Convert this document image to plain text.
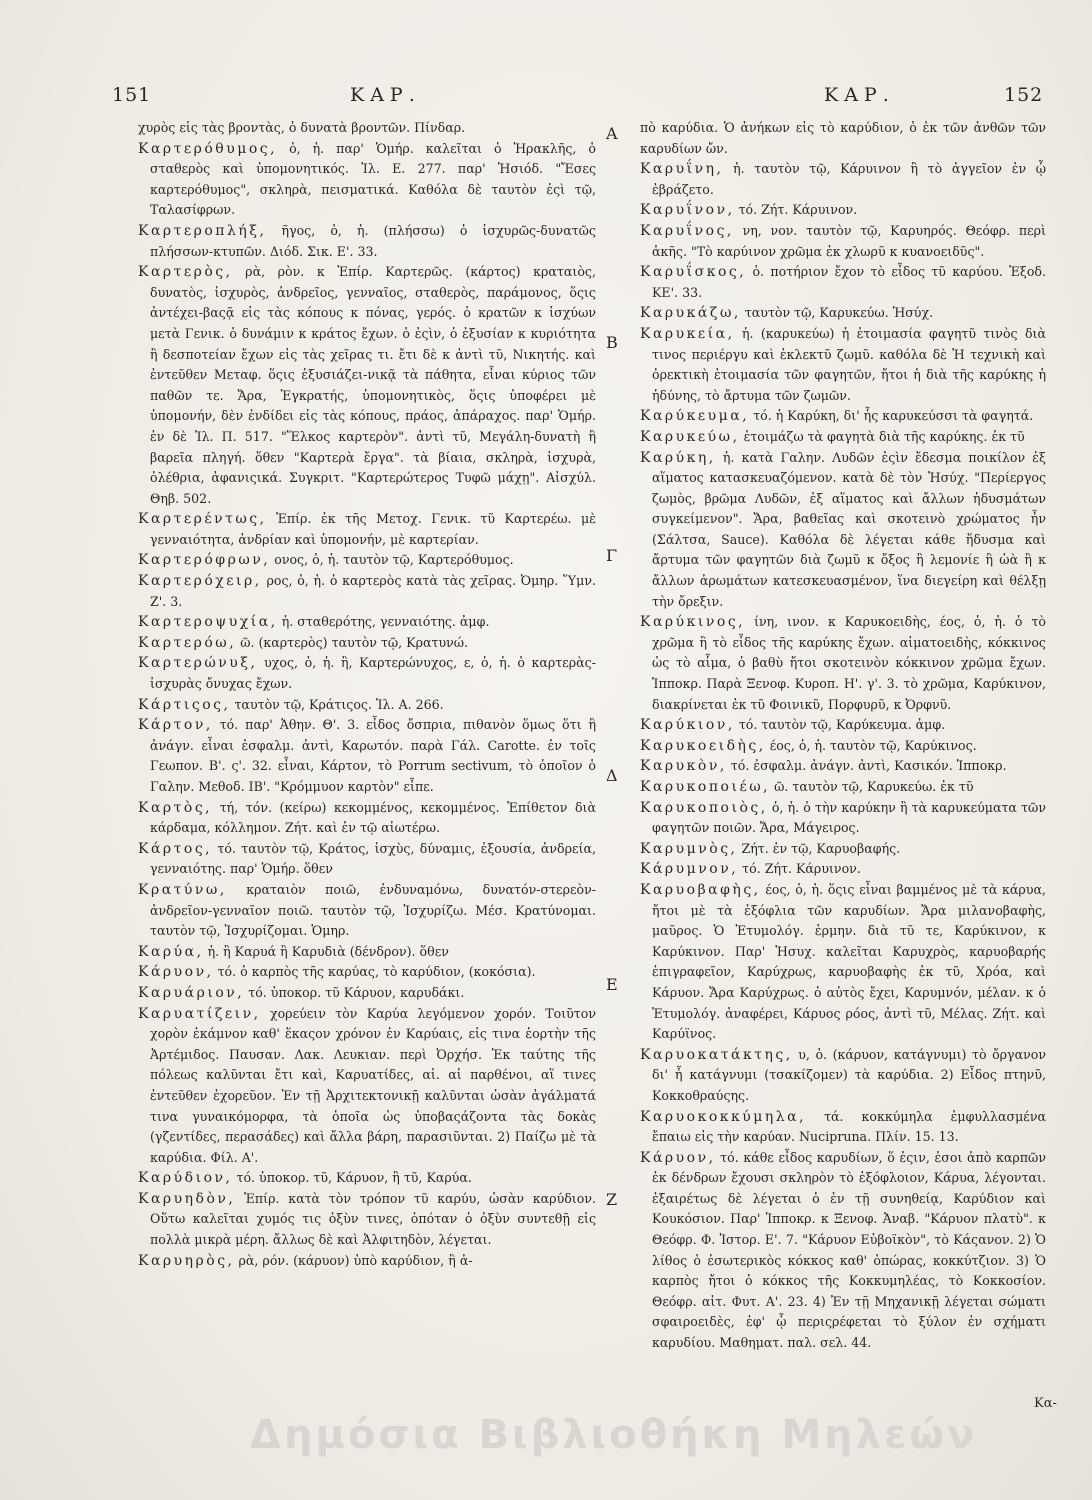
151	ΚΑΡ.	ΚΑΡ.	152

χυρὸς εἰς τὰς βροντὰς, ὁ δυνατὰ βροντῶν. Πίνδαρ.

Καρτερόθυμος, ὁ, ἡ. παρ' Ὁμήρ. καλεῖται ὁ Ἡρακλῆς, ὁ σταθερὸς καὶ ὑπομονητικός. Ἰλ. Ε. 277. παρ' Ἡσιόδ. "Ἔσες καρτερόθυμος", σκληρὰ, πεισματικά. Καθόλα δὲ ταυτὸν ἐςὶ τῷ, Ταλασίφρων.

Καρτεροπλήξ, ῆγος, ὁ, ἡ. (πλήσσω) ὁ ἰσχυρῶς-δυνατῶς πλήσσων-κτυπῶν. Διόδ. Σικ. Ε'. 33.

Καρτερὸς, ρὰ, ρὸν. κ Ἐπίρ. Καρτερῶς. (κάρτος) κραταιὸς, δυνατὸς, ἰσχυρὸς, ἀνδρεῖος, γενναῖος, σταθερὸς, παράμονος, ὅςις ἀντέχει-βαςᾷ εἰς τὰς κόπους κ πόνας, γερός. ὁ κρατῶν κ ἰσχύων μετὰ Γενικ. ὁ δυνάμιν κ κράτος ἔχων. ὁ ἐςὶν, ὁ ἐξυσίαν κ κυριότητα ἢ δεσποτείαν ἔχων εἰς τὰς χεῖρας τι. ἔτι δὲ κ ἀντὶ τῦ, Νικητής. καὶ ἐντεῦθεν Μεταφ. ὅςις ἐξυσιάζει-νικᾷ τὰ πάθητα, εἶναι κύριος τῶν παθῶν τε. Ἄρα, Ἐγκρατής, ὑπομονητικὸς, ὅςις ὑποφέρει μὲ ὑπομονήν, δὲν ἐνδίδει εἰς τὰς κόπους, πράος, ἀπάραχος. παρ' Ὁμήρ. ἐν δὲ Ἰλ. Π. 517. "Ἕλκος καρτερὸν". ἀντὶ τῦ, Μεγάλη-δυνατὴ ἢ βαρεῖα πληγή. ὅθεν "Καρτερὰ ἔργα". τὰ βίαια, σκληρὰ, ἰσχυρὰ, ὀλέθρια, ἀφανιςικά. Συγκριτ. "Καρτερώτερος Τυφῶ μάχῃ". Αἰσχύλ. Θηβ. 502.

Καρτερέντως, Ἐπίρ. ἐκ τῆς Μετοχ. Γενικ. τῦ Καρτερέω. μὲ γενναιότητα, ἀνδρίαν καὶ ὑπομονήν, μὲ καρτερίαν.

Καρτερόφρων, ονος, ὁ, ἡ. ταυτὸν τῷ, Καρτερόθυμος.

Καρτερόχειρ, ρος, ὁ, ἡ. ὁ καρτερὸς κατὰ τὰς χεῖρας. Ὀμηρ. Ὕμν. Ζ'. 3.

Καρτεροψυχία, ἡ. σταθερότης, γενναιότης. ἀμφ.

Καρτερόω, ῶ. (καρτερὸς) ταυτὸν τῷ, Κρατυνώ.

Καρτερώνυξ, υχος, ὁ, ἡ. ἢ, Καρτερώνυχος, ε, ὁ, ἡ. ὁ καρτερὰς-ἰσχυρὰς ὄνυχας ἔχων.

Κάρτιςος, ταυτὸν τῷ, Κράτιςος. Ἰλ. Α. 266.

Κάρτον, τό. παρ' Ἀθην. Θ'. 3. εἶδος ὄσπρια, πιθανὸν ὅμως ὅτι ἢ ἀνάγν. εἶναι ἐσφαλμ. ἀντὶ, Καρωτόν. παρὰ Γάλ. Carotte. ἐν τοῖς Γεωπον. Β'. ς'. 32. εἶναι, Κάρτον, τὸ Porrum sectivum, τὸ ὁποῖον ὁ Γαλην. Μεθοδ. ΙΒ'. "Κρόμμυον καρτὸν" εἶπε.

Καρτὸς, τή, τόν. (κείρω) κεκομμένος, κεκομμένος. Ἐπίθετον διὰ κάρδαμα, κόλλημον. Ζήτ. καὶ ἐν τῷ αἰωτέρω.

Κάρτος, τό. ταυτὸν τῷ, Κράτος, ἰσχὺς, δύναμις, ἐξουσία, ἀνδρεία, γενναιότης. παρ' Ὁμήρ. ὅθεν

Κρατύνω, κραταιὸν ποιῶ, ἐνδυναμόνω, δυνατόν-στερεὸν-ἀνδρεῖον-γενναῖον ποιῶ. ταυτὸν τῷ, Ἰσχυρίζω. Μέσ. Κρατύνομαι. ταυτὸν τῷ, Ἰσχυρίζομαι. Ὁμηρ.

Καρύα, ἡ. ἢ Καρυά ἢ Καρυδιὰ (δένδρον). ὅθεν

Κάρυον, τό. ὁ καρπὸς τῆς καρύας, τὸ καρύδιον, (κοκόσια).

Καρυάριον, τό. ὑποκορ. τῦ Κάρυον, καρυδάκι.

Καρυατίζειν, χορεύειν τὸν Καρύα λεγόμενον χορόν. Τοιῦτον χορὸν ἐκάμνον καθ' ἕκαςον χρόνον ἐν Καρύαις, εἰς τινα ἑορτὴν τῆς Ἀρτέμιδος. Παυσαν. Λακ. Λευκιαν. περὶ Ὀρχήσ. Ἐκ ταύτης τῆς πόλεως καλῦνται ἔτι καὶ, Καρυατίδες, αἱ. αἱ παρθένοι, αἵ τινες ἐντεῦθεν ἐχορεῦον. Ἐν τῇ Ἀρχιτεκτονικῇ καλῦνται ὡσὰν ἀγάλματά τινα γυναικόμορφα, τὰ ὁποῖα ὡς ὑποβαςάζοντα τὰς δοκὰς (γζεντίδες, περασάδες) καὶ ἄλλα βάρη, παρασιῦνται. 2) Παίζω μὲ τὰ καρύδια. Φίλ. Α'.

Καρύδιον, τό. ὑποκορ. τῦ, Κάρυον, ἢ τῦ, Καρύα.

Καρυηδὸν, Ἐπίρ. κατὰ τὸν τρόπον τῦ καρύυ, ὡσὰν καρύδιον. Οὕτω καλεῖται χυμός τις ὀξὺν τινες, ὁπόταν ὁ ὀξὺν συντεθῇ εἰς πολλὰ μικρὰ μέρη. ἄλλως δὲ καὶ Ἀλφιτηδὸν, λέγεται.

Καρυηρὸς, ρὰ, ρόν. (κάρυον) ὑπὸ καρύδιον, ἢ ἀ-

Α
Β
Γ
Δ
Ε
Ζ

πὸ καρύδια. Ὁ ἀνήκων εἰς τὸ καρύδιον, ὁ ἐκ τῶν ἀνθῶν τῶν καρυδίων ὤν.

Καρυΐνη, ἡ. ταυτὸν τῷ, Κάρυινον ἢ τὸ ἀγγεῖον ἐν ᾧ ἐβράζετο.

Καρυΐνον, τό. Ζήτ. Κάρυινον.

Καρυΐνος, νη, νον. ταυτὸν τῷ, Καρυηρός. Θεόφρ. περὶ ἀκῆς. "Τὸ καρύινον χρῶμα ἐκ χλωρῦ κ κυανοειδῦς".

Καρυΐσκος, ὁ. ποτήριον ἔχον τὸ εἶδος τῦ καρύου. Ἐξοδ. ΚΕ'. 33.

Καρυκάζω, ταυτὸν τῷ, Καρυκεύω. Ἡσύχ.

Καρυκεία, ἡ. (καρυκεύω) ἡ ἑτοιμασία φαγητῦ τινὸς διὰ τινος περιέργυ καὶ ἐκλεκτῦ ζωμῦ. καθόλα δὲ Ἡ τεχνικὴ καὶ ὀρεκτικὴ ἑτοιμασία τῶν φαγητῶν, ἤτοι ἡ διὰ τῆς καρύκης ἡ ἡδύνης, τὸ ἄρτυμα τῶν ζωμῶν.

Καρύκευμα, τό. ἡ Καρύκη, δι' ἧς καρυκεύσσι τὰ φαγητά.

Καρυκεύω, ἑτοιμάζω τὰ φαγητὰ διὰ τῆς καρύκης. ἐκ τῦ

Καρύκη, ἡ. κατὰ Γαλην. Λυδῶν ἐςὶν ἔδεσμα ποικίλον ἐξ αἵματος κατασκευαζόμενον. κατὰ δὲ τὸν Ἡσύχ. "Περίεργος ζωμὸς, βρῶμα Λυδῶν, ἐξ αἵματος καὶ ἄλλων ἡδυσμάτων συγκείμενον". Ἄρα, βαθεῖας καὶ σκοτεινὸ χρώματος ἦν (Σάλτσα, Sauce). Καθόλα δὲ λέγεται κάθε ἥδυσμα καὶ ἄρτυμα τῶν φαγητῶν διὰ ζωμῦ κ ὄξος ἢ λεμονίε ἢ ὠὰ ἢ κ ἄλλων ἀρωμάτων κατεσκευασμένον, ἵνα διεγείρη καὶ θέλξῃ τὴν ὄρεξιν.

Καρύκινος, ίνη, ινον. κ Καρυκοειδὴς, έος, ὁ, ἡ. ὁ τὸ χρῶμα ἢ τὸ εἶδος τῆς καρύκης ἔχων. αἱματοειδὴς, κόκκινος ὡς τὸ αἷμα, ὁ βαθὺ ἤτοι σκοτεινὸν κόκκινον χρῶμα ἔχων. Ἱπποκρ. Παρὰ Ξενοφ. Κυροπ. Η'. γ'. 3. τὸ χρῶμα, Καρύκινον, διακρίνεται ἐκ τῦ Φοινικῦ, Πορφυρῦ, κ Ὀρφνῦ.

Καρύκιον, τό. ταυτὸν τῷ, Καρύκευμα. ἀμφ.

Καρυκοειδὴς, έος, ὁ, ἡ. ταυτὸν τῷ, Καρύκινος.

Καρυκὸν, τό. ἐσφαλμ. ἀνάγν. ἀντὶ, Κασικόν. Ἱπποκρ.

Καρυκοποιέω, ῶ. ταυτὸν τῷ, Καρυκεύω. ἐκ τῦ

Καρυκοποιὸς, ὁ, ἡ. ὁ τὴν καρύκην ἢ τὰ καρυκεύματα τῶν φαγητῶν ποιῶν. Ἄρα, Μάγειρος.

Καρυμνὸς, Ζήτ. ἐν τῷ, Καρυοβαφής.

Κάρυμνον, τό. Ζήτ. Κάρυινον.

Καρυοβαφὴς, έος, ὁ, ἡ. ὅςις εἶναι βαμμένος μὲ τὰ κάρυα, ἤτοι μὲ τὰ ἐξόφλια τῶν καρυδίων. Ἄρα μιλανοβαφὴς, μαῦρος. Ὁ Ἐτυμολόγ. ἑρμην. διὰ τῦ τε, Καρύκινον, κ Καρύκινον. Παρ' Ἡσυχ. καλεῖται Καρυχρὸς, καρυοβαρής ἐπιγραφεῖον, Καρύχρως, καρυοβαφὴς ἐκ τῦ, Χρόα, καὶ Κάρυον. Ἄρα Καρύχρως. ὁ αὐτὸς ἔχει, Καρυμνόν, μέλαν. κ ὁ Ἐτυμολόγ. ἀναφέρει, Κάρυος ρόος, ἀντὶ τῦ, Μέλας. Ζήτ. καὶ Καρύϊνος.

Καρυοκατάκτης, υ, ὁ. (κάρυον, κατάγνυμι) τὸ ὄργανον δι' ἧ κατάγνυμι (τσακίζομεν) τὰ καρύδια. 2) Εἶδος πτηνῦ, Κοκκοθραύςης.

Καρυοκοκκύμηλα, τά. κοκκύμηλα ἐμφυλλασμένα ἔπαιω εἰς τὴν καρύαν. Nucipruna. Πλίν. 15. 13.

Κάρυον, τό. κάθε εἶδος καρυδίων, ὅ ἐςιν, ἐσοι ἀπὸ καρπῶν ἐκ δένδρων ἔχουσι σκληρὸν τὸ ἐξόφλοιον, Κάρυα, λέγονται. ἐξαιρέτως δὲ λέγεται ὁ ἐν τῇ συνηθείᾳ, Καρύδιον καὶ Κουκόσιον. Παρ' Ἱπποκρ. κ Ξενοφ. Ἀναβ. "Κάρυον πλατὺ". κ Θεόφρ. Φ. Ἱστορ. Ε'. 7. "Κάρυον Εὐβοϊκὸν", τὸ Κάςανον. 2) Ὁ λίθος ὁ ἐσωτερικὸς κόκκος καθ' ὁπώρας, κοκκύτζιον. 3) Ὁ καρπὸς ἤτοι ὁ κόκκος τῆς Κοκκυμηλέας, τὸ Κοκκοσίον. Θεόφρ. αἰτ. Φυτ. Α'. 23. 4) Ἐν τῇ Μηχανικῇ λέγεται σώματι σφαιροειδὲς, ἐφ' ᾧ περιςρέφεται τὸ ξύλον ἐν σχήματι καρυδίου. Μαθηματ. παλ. σελ. 44.

Κα-
Δημόσια Βιβλιοθήκη Μηλεών
